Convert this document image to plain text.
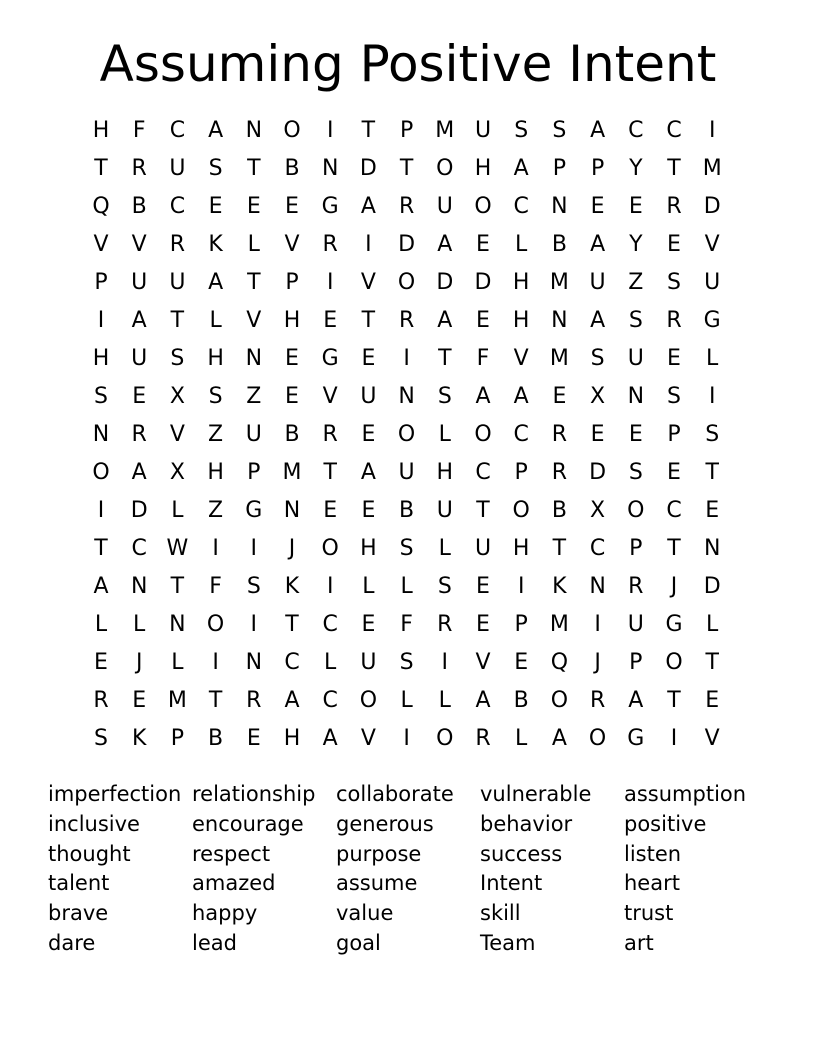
Assuming Positive Intent
H	F	C	A	N O	I	T	P	M U	S	S	A	C	C	I
T	R	U	S	T	B	N D	T	O H	A	P	P	Y	T M
Q B	C	E	E	E	G	A	R	U O C	N	E	E	R	D
V	V	R	K	L	V	R	I	D	A	E	L	B	A	Y	E	V
P	U	U	A	T	P	I	V	O D D H M U	Z	S	U
I	A	T	L	V	H	E	T	R	A	E	H N	A	S	R	G
H U	S	H N	E	G	E	I	T	F	V M S	U	E	L
S	E	X	S	Z	E	V	U N	S	A	A	E	X	N	S	I
N	R	V	Z	U	B	R	E	O	L	O C	R	E	E	P	S
O	A	X	H	P	M T	A	U H	C	P	R	D	S	E	T
I	D	L	Z	G N	E	E	B	U	T	O	B	X	O C	E
T	C W	I	I	J	O H	S	L	U H	T	C	P	T	N
A	N	T	F	S	K	I	L	L	S	E	I	K	N	R	J	D
L	L	N O	I	T	C	E	F	R	E	P	M	I	U G	L
E	J	L	I	N	C	L	U	S	I	V	E	Q	J	P	O	T
R	E M T	R	A	C O	L	L	A	B O R	A	T	E
S	K	P	B	E	H	A	V	I	O R	L	A	O G	I	V
imperfection
inclusive
thought
talent
brave
dare
relationship
encourage
respect
amazed
happy
lead
collaborate
generous
purpose
assume
value
goal
vulnerable
behavior
success
Intent
skill
Team
assumption
positive
listen
heart
trust
art
